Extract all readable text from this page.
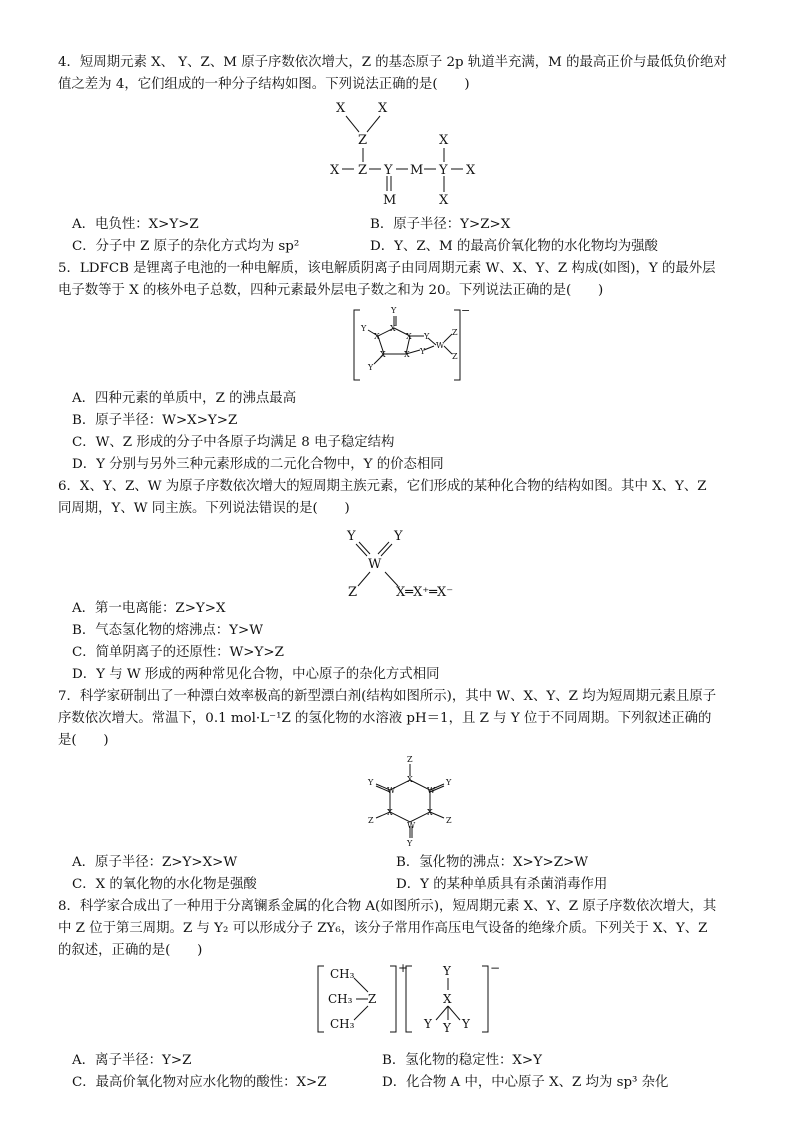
4．短周期元素 X、 Y、Z、M 原子序数依次增大，Z 的基态原子 2p 轨道半充满，M 的最高正价与最低负价绝对
值之差为 4，它们组成的一种分子结构如图。下列说法正确的是(　　)
X	X
Z
X Z Y M Y X
X
X
M
A．电负性：X>Y>Z	B．原子半径：Y>Z>X
C．分子中 Z 原子的杂化方式均为 sp²	D．Y、Z、M 的最高价氧化物的水化物均为强酸
5．LDFCB 是锂离子电池的一种电解质，该电解质阴离子由同周期元素 W、X、Y、Z 构成(如图)，Y 的最外层
电子数等于 X 的核外电子总数，四种元素最外层电子数之和为 20。下列说法正确的是(　　)
Y
X
Y
X	X Y
X X Y
W
Z
Z
Y
−
A．四种元素的单质中，Z 的沸点最高
B．原子半径：W>X>Y>Z
C．W、Z 形成的分子中各原子均满足 8 电子稳定结构
D．Y 分别与另外三种元素形成的二元化合物中，Y 的价态相同
6．X、Y、Z、W 为原子序数依次增大的短周期主族元素，它们形成的某种化合物的结构如图。其中 X、Y、Z
同周期，Y、W 同主族。下列说法错误的是(　　)
Y	Y
W
Z	X═X⁺═X⁻
A．第一电离能：Z>Y>X
B．气态氢化物的熔沸点：Y>W
C．简单阴离子的还原性：W>Y>Z
D．Y 与 W 形成的两种常见化合物，中心原子的杂化方式相同
7．科学家研制出了一种漂白效率极高的新型漂白剂(结构如图所示)，其中 W、X、Y、Z 均为短周期元素且原子
序数依次增大。常温下，0.1 mol·L⁻¹Z 的氢化物的水溶液 pH＝1，且 Z 与 Y 位于不同周期。下列叙述正确的
是(　　)
Z
X
W
W
Y
Y
X
X
Z
Z
W
Y
A．原子半径：Z>Y>X>W	B．氢化物的沸点：X>Y>Z>W
C．X 的氧化物的水化物是强酸	D．Y 的某种单质具有杀菌消毒作用
8．科学家合成出了一种用于分离镧系金属的化合物 A(如图所示)，短周期元素 X、Y、Z 原子序数依次增大，其
中 Z 位于第三周期。Z 与 Y₂ 可以形成分子 ZY₆，该分子常用作高压电气设备的绝缘介质。下列关于 X、Y、Z
的叙述，正确的是(　　)
CH₃
CH₃
CH₃
Z
+	Y
X
Y Y Y
−
A．离子半径：Y>Z	B．氢化物的稳定性：X>Y
C．最高价氧化物对应水化物的酸性：X>Z	D．化合物 A 中，中心原子 X、Z 均为 sp³ 杂化
